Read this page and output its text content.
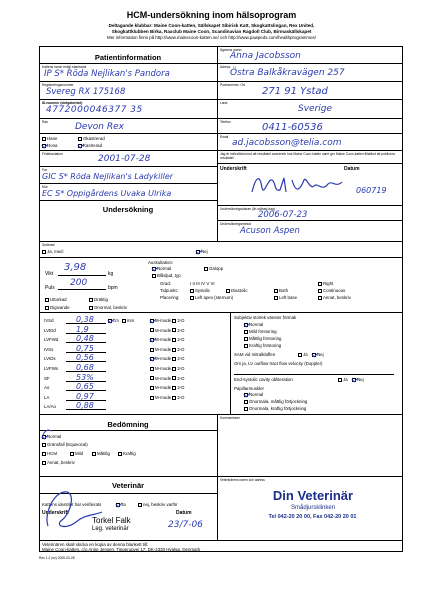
HCM-undersökning inom hälsoprogram
Deltagande klubbar: Maine Coon-katten, Sällskapet Sibirisk Katt, Skogkattslingan, Rex United,
Skogkattklubben Birka, Raxclub Maine Coon, Scandinavian Ragdoll Club, Birmaskällskapet
Mer information finns på http://www.mainecoon-katten.se/ och http://www.pawpeds.com/healthprogrammes/
Patientinformation
Kattens namn enligt stamtavla
IP S* Röda Nejlikan's Pandora
Registreringsnummer
Svereg RX 175168
ID-nummer (obligatoriskt)
4772000046377 35
Ras	Devon Rex
Hane	Okastrerad
Hona	Kastrerad
Födelsedatum	2001-07-28
Far
GIC S* Röda Nejlikan's Ladykiller
Mor
EC S* Oppigårdens Uvaka Ulrika
Ägarens namn
Anna Jacobsson
Adress
Östra Balkåkravägen 257
Postnummer, Ort
271 91 Ystad
Land
Sverige
Telefon	0411-60536
Email
ad.jacobsson@telia.com
Jag är införstådd med att resultatet avseende hos Maine Coon-katten samt ger Maine Coon-katten tillstånd att publicera resultatet.
Underskrift	Datum
060719
Undersökning	Undersökningsdatum (år-månad-dag)
2006-07-23
Undersökningsmetod
Acuson Aspen
Sederad
Ja, med:	Nej
Vikt
3,98
kg
Puls 200	bpm
Uttorkad	Dräktig
Digivande	Onormal, beskriv
Auskultation:
Normal	Galopp
Blåsljud, typ
Grad:	I II III IV V VI
Tidpunkt:	Systolic	Diastolic	Both	Continuous
Placering:	Left apex (sternum)	Left base
Right
Annat, beskriv
IVSd	0,38	M-mode 2-D
cm mm
LVIDd	1,9	M-mode 2-D
LVFWd 0,48	M-mode 2-D
IVSs	0,75	M-mode 2-D
LVIDs	0,56	M-mode 2-D
LVFWs 0,68	M-mode 2-D
SF	53%	M-mode 2-D
Ao	0,65	M-mode 2-D
LA	0,97	M-mode 2-D
LA/Ao	0,88
Subjektiv storlek vänster förmak
Normal
Mild förstoring
Måttlig förstoring
Kraftig förstoring
SAM vid mitralklaffen	Ja	Nej
Om ja, LV outflow tract flow velocity (Doppler)
End-systolic cavity obliteration	Ja	Nej
Papillarmuskler
Normal
Onormala, måttlig förtjockning
Onormala, kraftig förtjockning
Bedömning
Kommentarer
Normal
Gränsfall (Equivocal)
HCM	Mild	Måttlig	Kraftig
Annat, beskriv
Veterinär
Veterinärens namn och adress
Kattens identitet har verifierats	Ja	nej, beskriv varför
Underskrift	Datum
Torkel Falk
Leg. veterinär	23/7-06
Din Veterinär
Smådjursklinken
Tel 042-20 20 00, Fax 042-20 20 01
Veterinären skall skicka en kopia av denna blankett till:
Maine Coon-katten, c/o Anne Jensen, Tingerupvej 17, DK-4330 Hvalsø, Denmark
Rev 1.2 (sv) 2005-03-28
